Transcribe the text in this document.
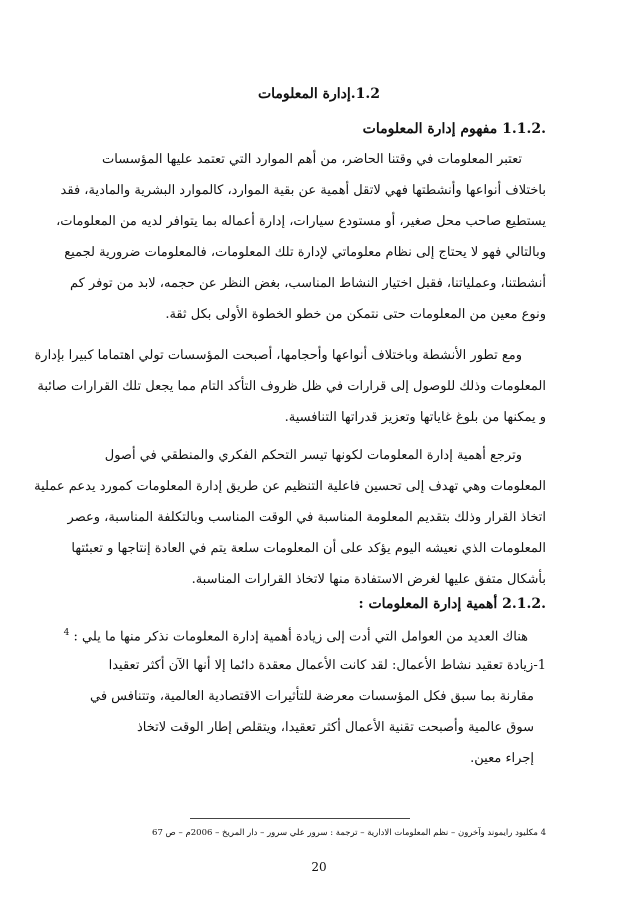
1.2.إدارة المعلومات
.1.1.2 مفهوم إدارة المعلومات
تعتبر المعلومات في وقتنا الحاضر، من أهم الموارد التي تعتمد عليها المؤسسات
باختلاف أنواعها وأنشطتها فهي لاتقل أهمية عن بقية الموارد، كالموارد البشرية والمادية، فقد
يستطيع صاحب محل صغير، أو مستودع سيارات، إدارة أعماله بما يتوافر لديه من المعلومات،
وبالتالي فهو لا يحتاج إلى نظام معلوماتي لإدارة تلك المعلومات، فالمعلومات ضرورية لجميع
أنشطتنا، وعملياتنا، فقبل اختيار النشاط المناسب، بغض النظر عن حجمه، لابد من توفر كم
ونوع معين من المعلومات حتى نتمكن من خطو الخطوة الأولى بكل ثقة.
ومع تطور الأنشطة وباختلاف أنواعها وأحجامها، أصبحت المؤسسات تولي اهتماما كبيرا بإدارة
المعلومات وذلك للوصول إلى قرارات في ظل ظروف التأكد التام مما يجعل تلك القرارات صائبة
و يمكنها من بلوغ غاياتها وتعزيز قدراتها التنافسية.
وترجع أهمية إدارة المعلومات لكونها تيسر التحكم الفكري والمنطقي في أصول
المعلومات وهي تهدف إلى تحسين فاعلية التنظيم عن طريق إدارة المعلومات كمورد يدعم عملية
اتخاذ القرار وذلك بتقديم المعلومة المناسبة في الوقت المناسب وبالتكلفة المناسبة، وعصر
المعلومات الذي نعيشه اليوم يؤكد على أن المعلومات سلعة يتم في العادة إنتاجها و تعبئتها
بأشكال متفق عليها لغرض الاستفادة منها لاتخاذ القرارات المناسبة.
.2.1.2 أهمية إدارة المعلومات :
هناك العديد من العوامل التي أدت إلى زيادة أهمية إدارة المعلومات نذكر منها ما يلي : $^4$
1-زيادة تعقيد نشاط الأعمال: لقد كانت الأعمال معقدة دائما إلا أنها الآن أكثر تعقيدا
مقارنة بما سبق فكل المؤسسات معرضة للتأثيرات الاقتصادية العالمية، وتتنافس في
سوق عالمية وأصبحت تقنية الأعمال أكثر تعقيدا، ويتقلص إطار الوقت لاتخاذ
إجراء معين.
4 مكليود رايموند وآخرون – نظم المعلومات الادارية – ترجمة : سرور علي سرور – دار المريخ – 2006م – ص 67
20
